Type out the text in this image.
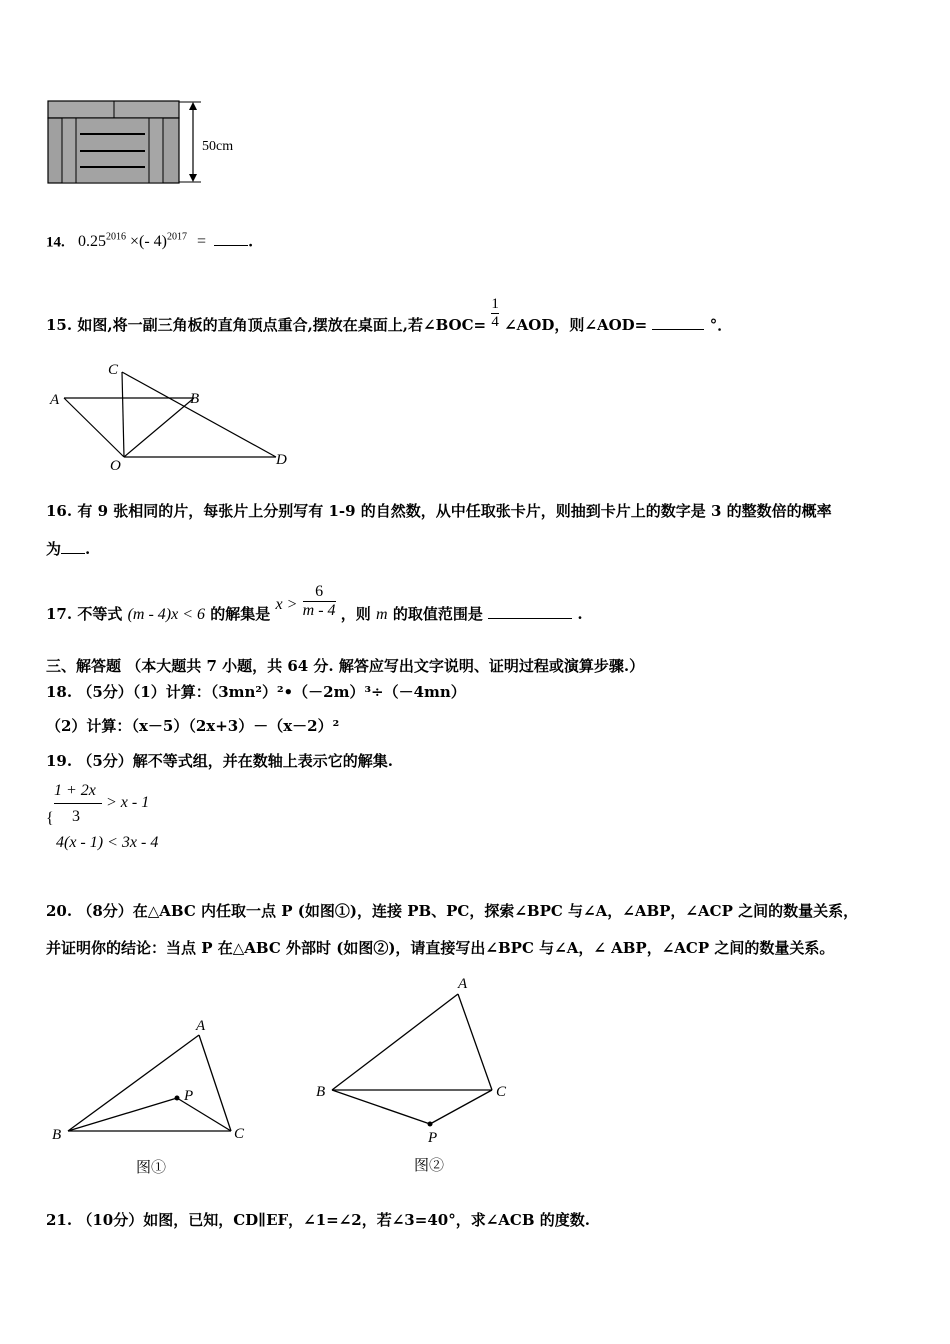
50cm
14. $0.25^{2016}$ ×(- 4)$^{2017}$ =	.
15. 如图,将一副三角板的直角顶点重合,摆放在桌面上,若∠BOC= $\frac{1}{4}$ ∠AOD，则∠AOD=	°．
A	B
C
D
O
16. 有 9 张相同的片，每张片上分别写有 1-9 的自然数，从中任取张卡片，则抽到卡片上的数字是 3 的整数倍的概率
为 .
17. 不等式 (m - 4)x < 6 的解集是 $x > \frac{6}{m - 4}$ ，则 m 的取值范围是	.
三、解答题 （本大题共 7 小题，共 64 分. 解答应写出文字说明、证明过程或演算步骤.）
18. （5分）（1）计算：（3mn²）²•（－2m）³÷（－4mn）
（2）计算：（x－5）（2x+3）－（x－2）²
19. （5分）解不等式组，并在数轴上表示它的解集.
{
1 + 2x
3
> x - 1
4(x - 1) < 3x - 4
20. （8分）在△ABC 内任取一点 P (如图①)，连接 PB、PC，探索∠BPC 与∠A，∠ABP，∠ACP 之间的数量关系，
并证明你的结论：当点 P 在△ABC 外部时 (如图②)，请直接写出∠BPC 与∠A，∠ ABP，∠ACP 之间的数量关系。
A
B	C
P
图①
A
B	C
P
图②
21. （10分）如图，已知，CD∥EF，∠1=∠2，若∠3=40°，求∠ACB 的度数.
